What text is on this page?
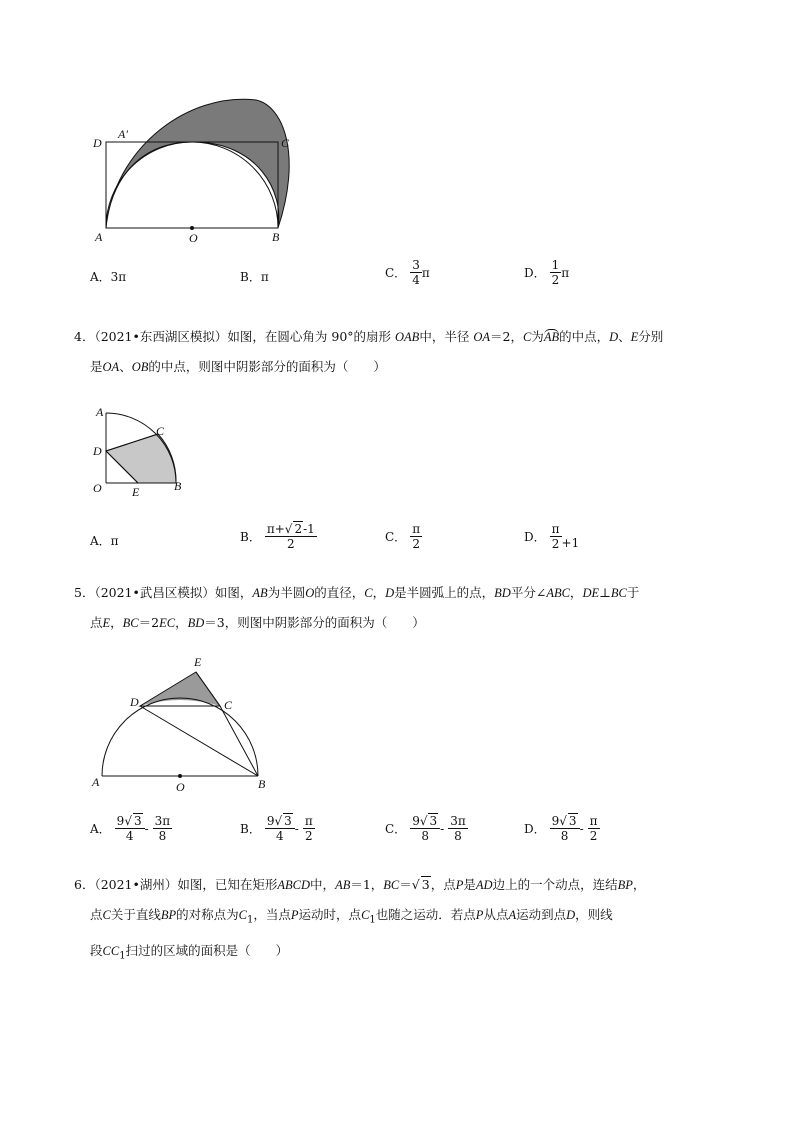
D
A′
C
A	O	B
A． 3π	B． π	C． $\frac{3}{4}$ π	D． $\frac{1}{2}$ π
4．（2021•东西湖区模拟）如图，在圆心角为 90°的扇形 OAB中，半径 OA＝2，C为AB的中点，D、E分别
是OA、OB的中点，则图中阴影部分的面积为（　　）
A
C
D
O	E	B
A． π	B． $\frac{\pi+√ 2-1}{2}$	C． $\frac{\pi}{2}$	D． $\frac{\pi}{2} +1$
5．（2021•武昌区模拟）如图，AB为半圆O的直径，C，D是半圆弧上的点，BD平分∠ABC，DE⊥BC于
点E，BC＝2EC，BD＝3，则图中阴影部分的面积为（　　）
E
D	C
A	O	B
A． $\frac{9√ 3}{4} - \frac{3\pi}{8}$	B． $\frac{9√ 3}{4} - \frac{\pi}{2}$	C． $\frac{9√ 3}{8} - \frac{3\pi}{8}$	D． $\frac{9√ 3}{8} - \frac{\pi}{2}$
6．（2021•湖州）如图，已知在矩形ABCD中，AB＝1，BC＝√ 3，点P是AD边上的一个动点，连结BP，
点C关于直线BP的对称点为$C_1$，当点P运动时，点$C_1$也随之运动．若点P从点A运动到点D，则线
段$CC_1$扫过的区域的面积是（　　）
